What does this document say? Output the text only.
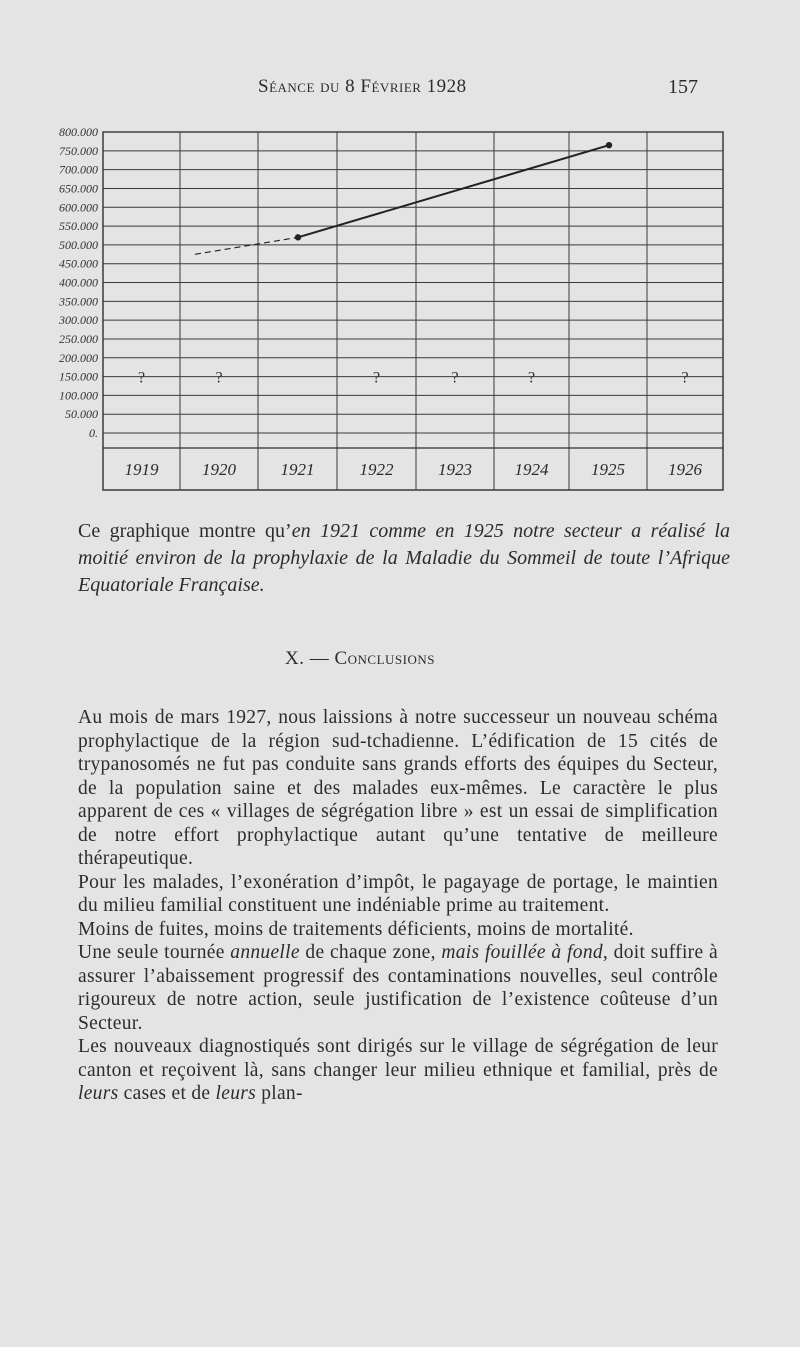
Séance du 8 Février 1928	157
800.000
750.000
700.000
650.000
600.000
550.000
500.000
450.000
400.000
350.000
300.000
250.000
200.000
150.000
100.000
50.000
0.
1919	1920	1921	1922	1923	1924	1925	1926
?	?	?	?	?	?
Ce graphique montre qu’en 1921 comme en 1925 notre secteur a réalisé la moitié environ de la prophylaxie de la Maladie du Sommeil de toute l’Afrique Equatoriale Française.
X. — Conclusions

Au mois de mars 1927, nous laissions à notre successeur un nouveau schéma prophylactique de la région sud-tchadienne. L’édification de 15 cités de trypanosomés ne fut pas conduite sans grands efforts des équipes du Secteur, de la population saine et des malades eux-mêmes. Le caractère le plus apparent de ces « villages de ségrégation libre » est un essai de simplification de notre effort prophylactique autant qu’une tentative de meilleure thérapeutique.

Pour les malades, l’exonération d’impôt, le pagayage de portage, le maintien du milieu familial constituent une indéniable prime au traitement.

Moins de fuites, moins de traitements déficients, moins de mortalité.

Une seule tournée annuelle de chaque zone, mais fouillée à fond, doit suffire à assurer l’abaissement progressif des contaminations nouvelles, seul contrôle rigoureux de notre action, seule justification de l’existence coûteuse d’un Secteur.

Les nouveaux diagnostiqués sont dirigés sur le village de ségrégation de leur canton et reçoivent là, sans changer leur milieu ethnique et familial, près de leurs cases et de leurs plan-
